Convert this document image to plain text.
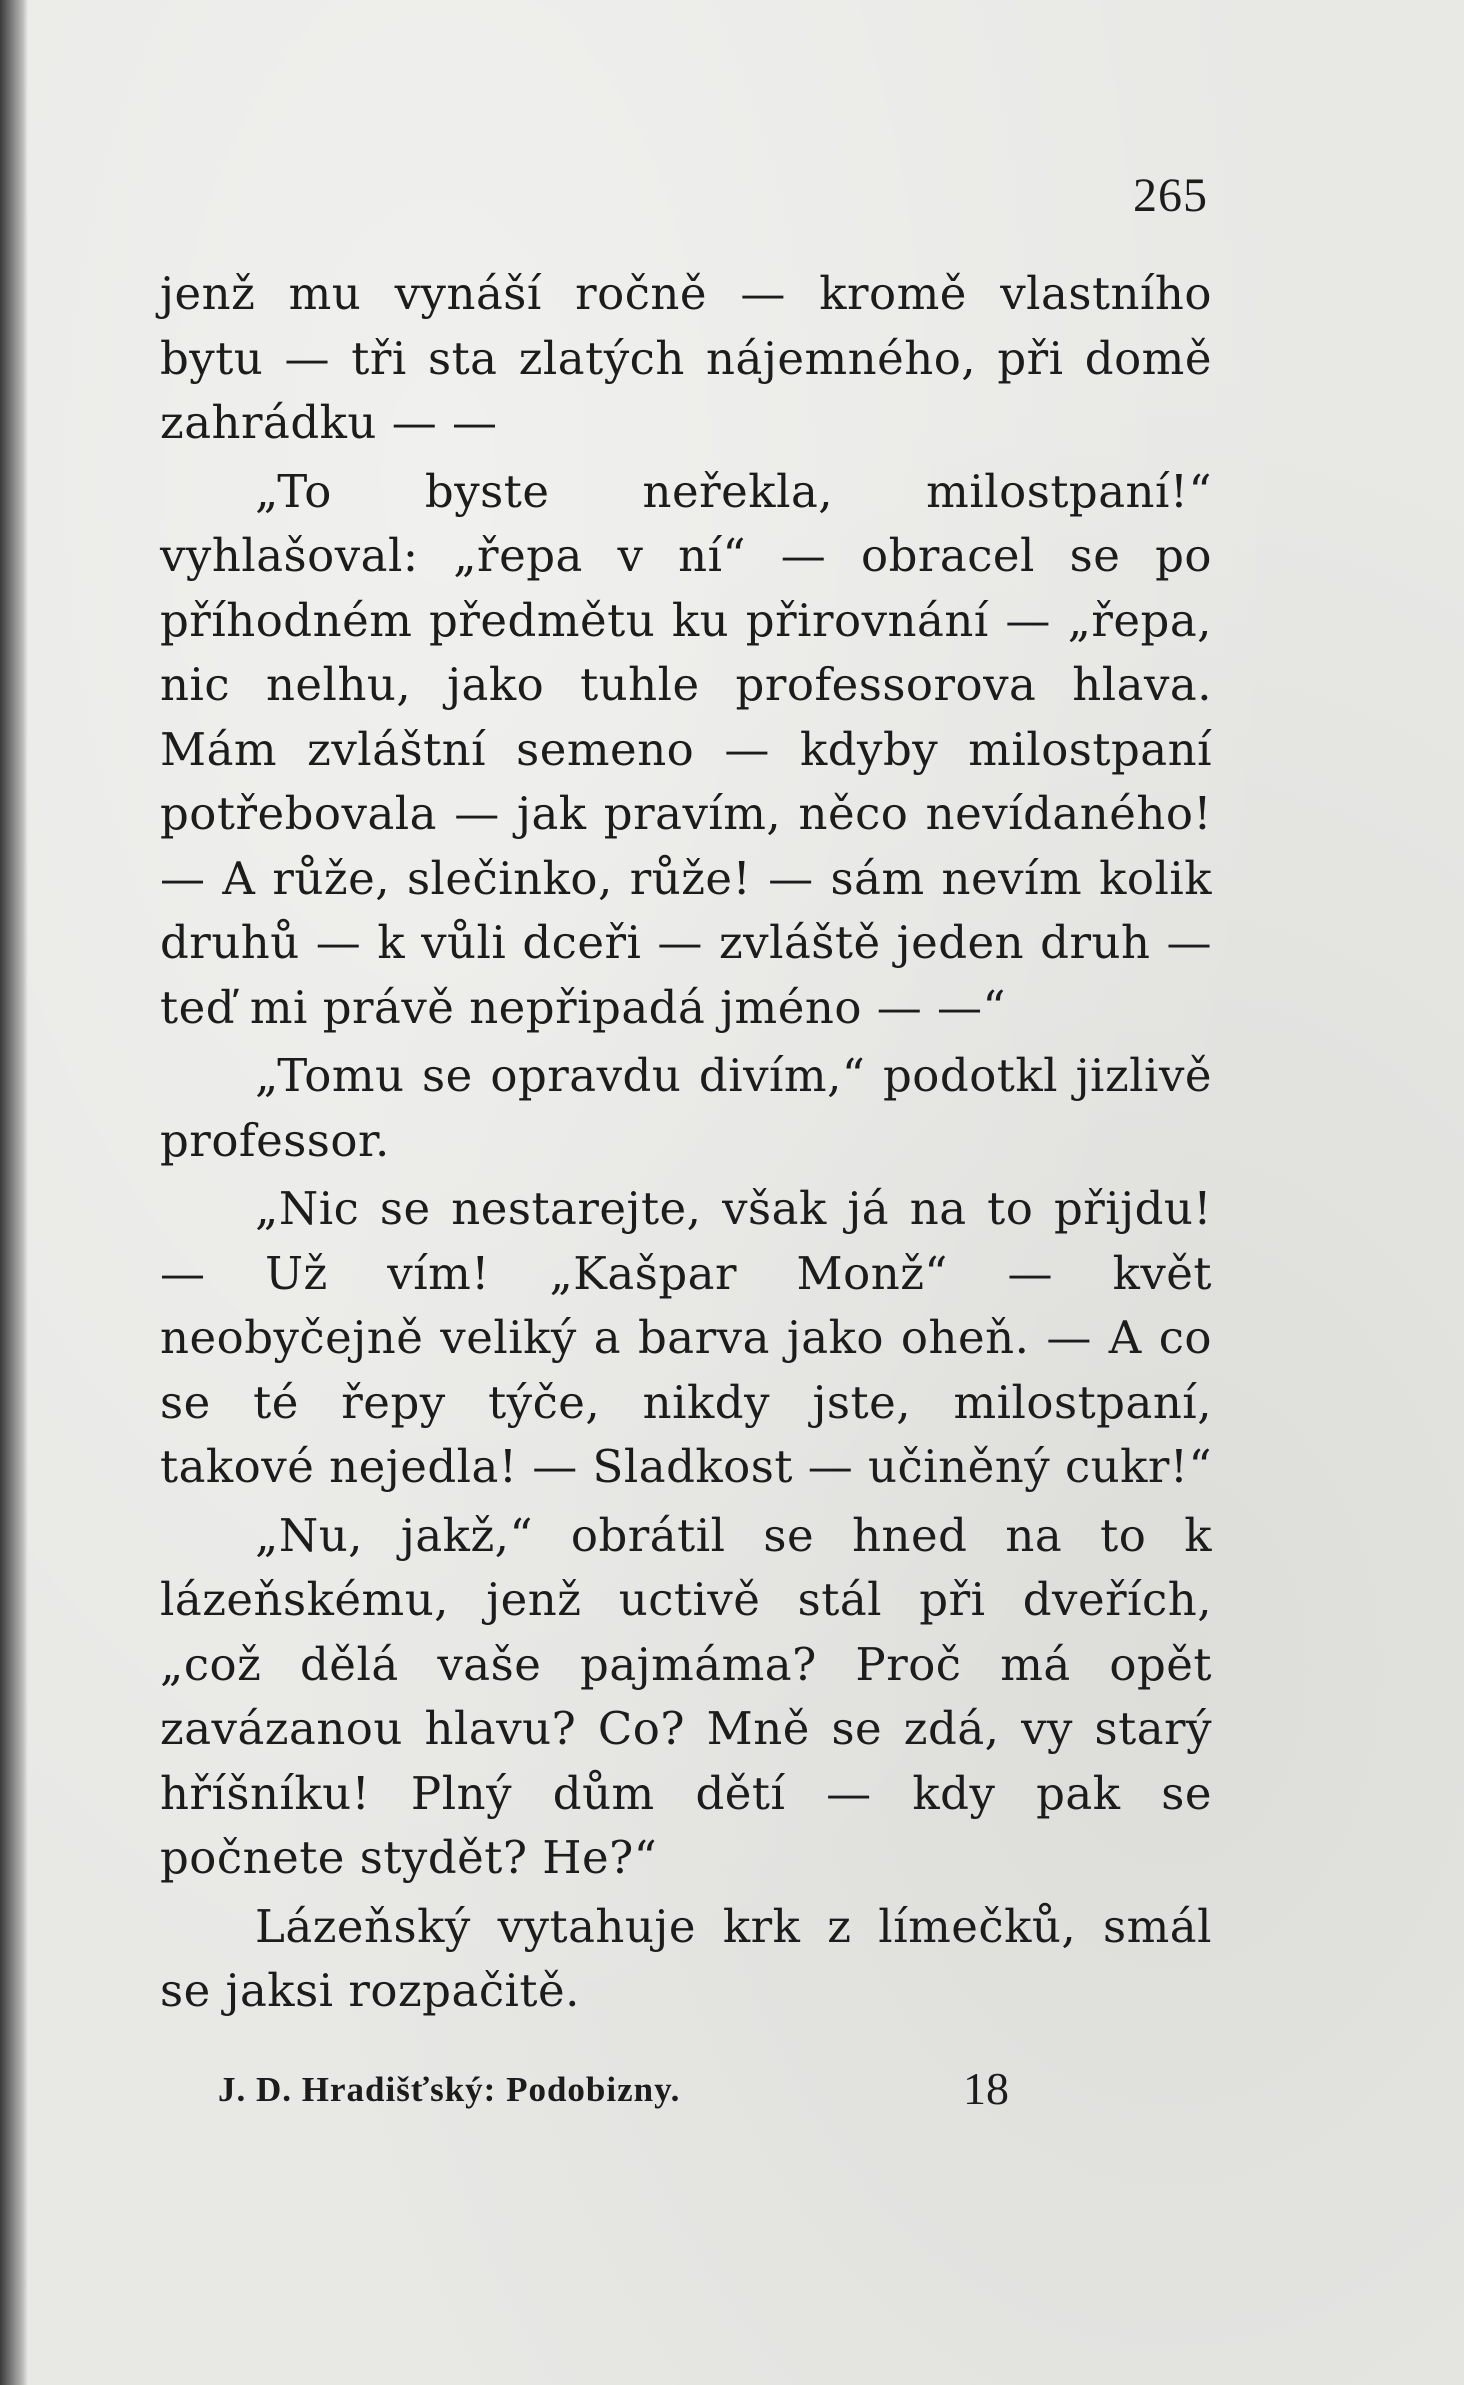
265

jenž mu vynáší ročně — kromě vlastního bytu — tři sta zlatých nájemného, při domě zahrádku — —

„To byste neřekla, milostpaní!“ vyhlašoval: „řepa v ní“ — obracel se po příhodném předmětu ku přirovnání — „řepa, nic nelhu, jako tuhle professorova hlava. Mám zvláštní semeno — kdyby milostpaní potřebovala — jak pravím, něco nevídaného! — A růže, slečinko, růže! — sám nevím kolik druhů — k vůli dceři — zvláště jeden druh — teď mi právě nepřipadá jméno — —“

„Tomu se opravdu divím,“ podotkl jizlivě professor.

„Nic se nestarejte, však já na to přijdu! — Už vím! „Kašpar Monž“ — květ neobyčejně veliký a barva jako oheň. — A co se té řepy týče, nikdy jste, milostpaní, takové nejedla! — Sladkost — učiněný cukr!“

„Nu, jakž,“ obrátil se hned na to k lázeňskému, jenž uctivě stál při dveřích, „což dělá vaše pajmáma? Proč má opět zavázanou hlavu? Co? Mně se zdá, vy starý hříšníku! Plný dům dětí — kdy pak se počnete stydět? He?“

Lázeňský vytahuje krk z límečků, smál se jaksi rozpačitě.

J. D. Hradišťský: Podobizny.	18
